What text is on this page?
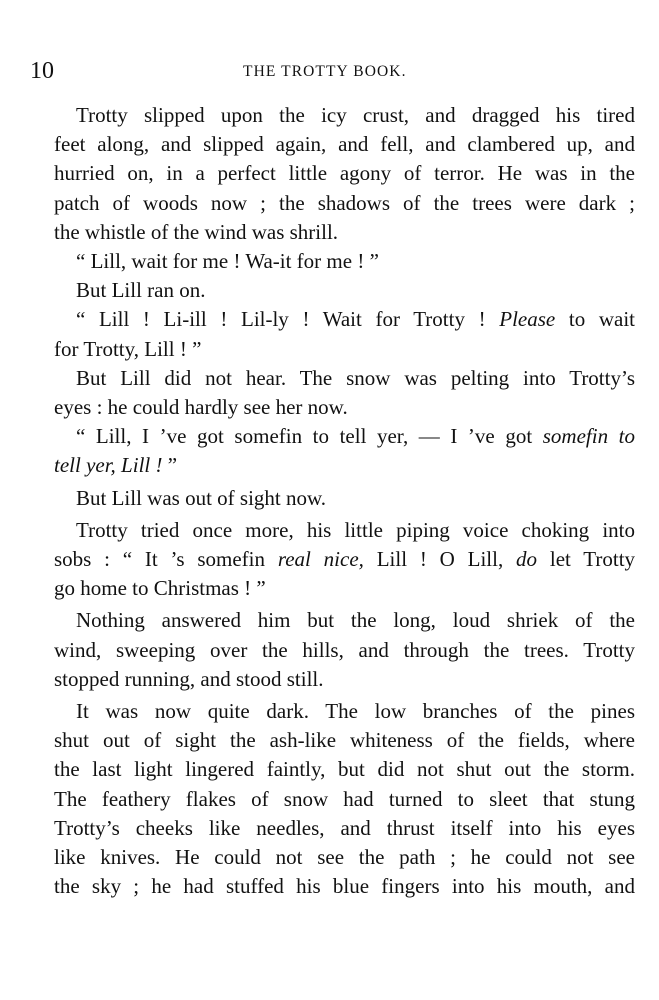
10	THE TROTTY BOOK.
Trotty slipped upon the icy crust, and dragged his tired
feet along, and slipped again, and fell, and clambered up, and
hurried on, in a perfect little agony of terror. He was in the
patch of woods now ; the shadows of the trees were dark ;
the whistle of the wind was shrill.
“ Lill, wait for me ! Wa-it for me ! ”
But Lill ran on.
“ Lill ! Li-ill ! Lil-ly ! Wait for Trotty ! Please to wait
for Trotty, Lill ! ”
But Lill did not hear. The snow was pelting into Trotty’s
eyes : he could hardly see her now.
“ Lill, I ’ve got somefin to tell yer, — I ’ve got somefin to
tell yer, Lill ! ”
But Lill was out of sight now.
Trotty tried once more, his little piping voice choking into
sobs : “ It ’s somefin real nice, Lill ! O Lill, do let Trotty
go home to Christmas ! ”
Nothing answered him but the long, loud shriek of the
wind, sweeping over the hills, and through the trees. Trotty
stopped running, and stood still.
It was now quite dark. The low branches of the pines
shut out of sight the ash-like whiteness of the fields, where
the last light lingered faintly, but did not shut out the storm.
The feathery flakes of snow had turned to sleet that stung
Trotty’s cheeks like needles, and thrust itself into his eyes
like knives. He could not see the path ; he could not see
the sky ; he had stuffed his blue fingers into his mouth, and
